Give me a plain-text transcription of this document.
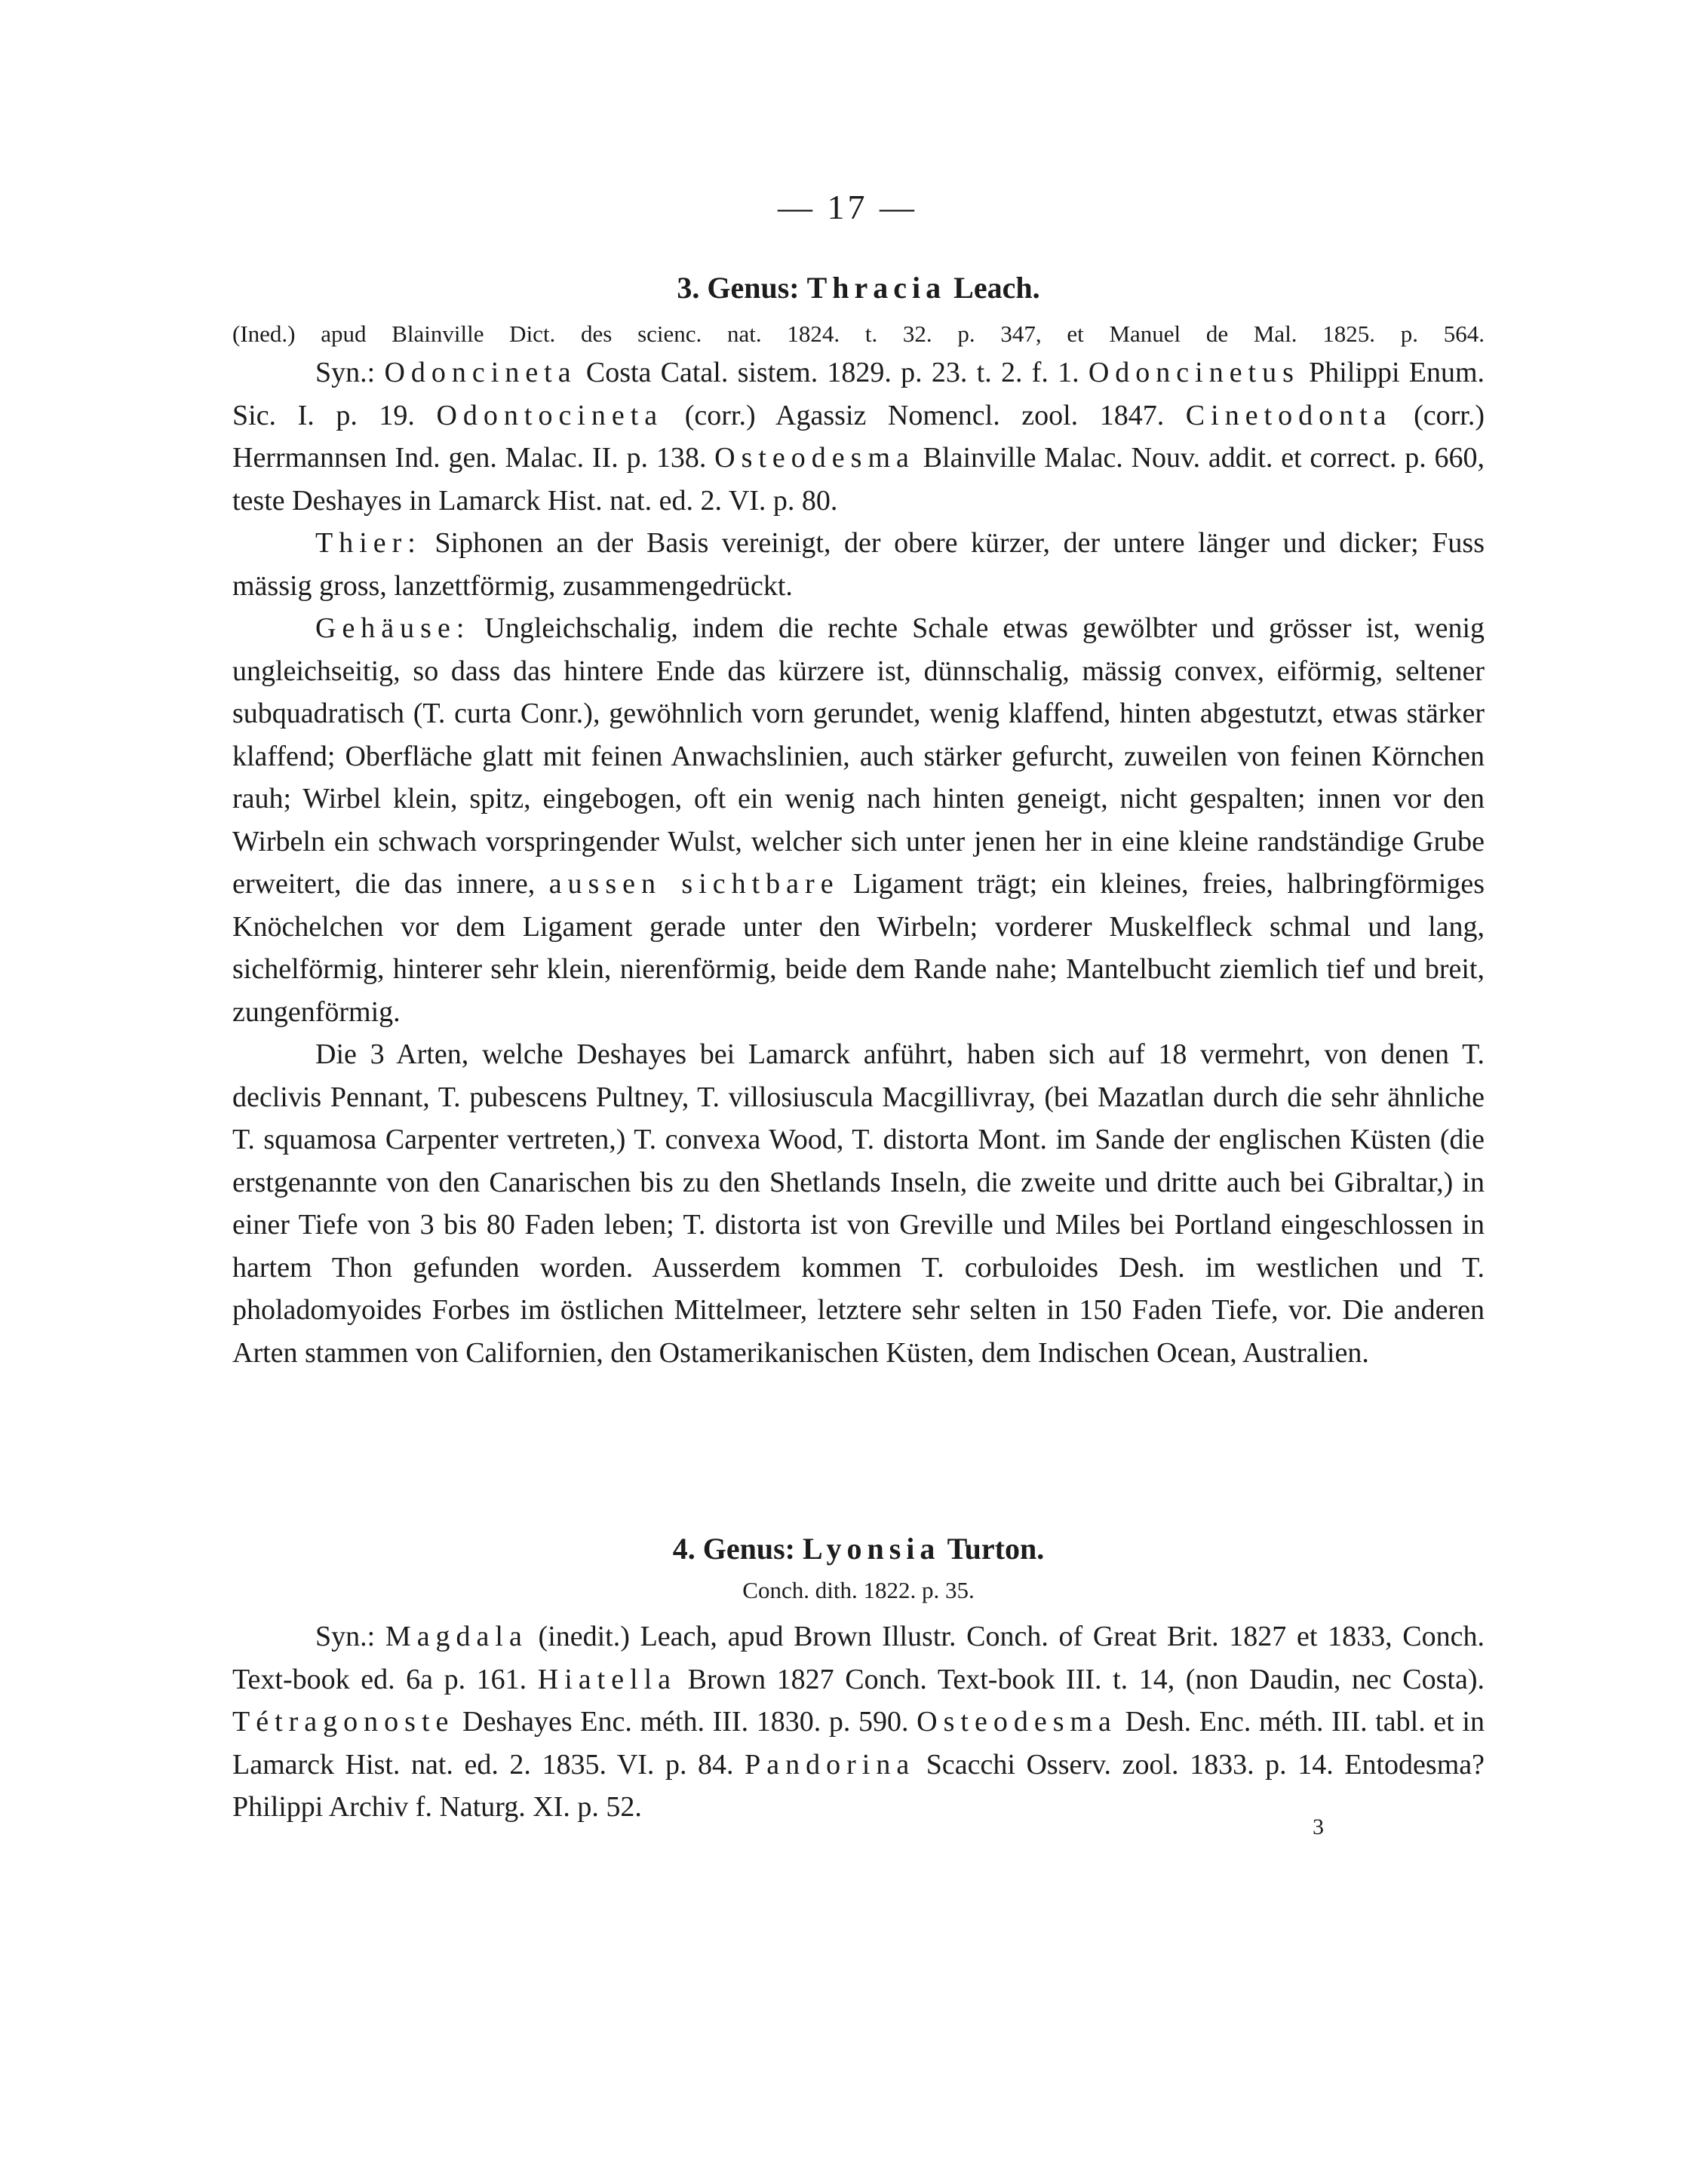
— 17 —
3. Genus: Thracia Leach.
(Ined.) apud Blainville Dict. des scienc. nat. 1824. t. 32. p. 347, et Manuel de Mal. 1825. p. 564.

Syn.: Odoncineta Costa Catal. sistem. 1829. p. 23. t. 2. f. 1. Odoncinetus Philippi Enum. Sic. I. p. 19. Odontocineta (corr.) Agassiz Nomencl. zool. 1847. Cinetodonta (corr.) Herrmannsen Ind. gen. Malac. II. p. 138. Osteodesma Blainville Malac. Nouv. addit. et correct. p. 660, teste Deshayes in Lamarck Hist. nat. ed. 2. VI. p. 80.

Thier: Siphonen an der Basis vereinigt, der obere kürzer, der untere länger und dicker; Fuss mässig gross, lanzettförmig, zusammengedrückt.

Gehäuse: Ungleichschalig, indem die rechte Schale etwas gewölbter und grösser ist, wenig ungleichseitig, so dass das hintere Ende das kürzere ist, dünnschalig, mässig convex, eiförmig, seltener subquadratisch (T. curta Conr.), gewöhnlich vorn gerundet, wenig klaffend, hinten abgestutzt, etwas stärker klaffend; Oberfläche glatt mit feinen Anwachslinien, auch stärker gefurcht, zuweilen von feinen Körnchen rauh; Wirbel klein, spitz, eingebogen, oft ein wenig nach hinten geneigt, nicht gespalten; innen vor den Wirbeln ein schwach vorspringender Wulst, welcher sich unter jenen her in eine kleine randständige Grube erweitert, die das innere, aussen sichtbare Ligament trägt; ein kleines, freies, halbringförmiges Knöchelchen vor dem Ligament gerade unter den Wirbeln; vorderer Muskelfleck schmal und lang, sichelförmig, hinterer sehr klein, nierenförmig, beide dem Rande nahe; Mantelbucht ziemlich tief und breit, zungenförmig.

Die 3 Arten, welche Deshayes bei Lamarck anführt, haben sich auf 18 vermehrt, von denen T. declivis Pennant, T. pubescens Pultney, T. villosiuscula Macgillivray, (bei Mazatlan durch die sehr ähnliche T. squamosa Carpenter vertreten,) T. convexa Wood, T. distorta Mont. im Sande der englischen Küsten (die erstgenannte von den Canarischen bis zu den Shetlands Inseln, die zweite und dritte auch bei Gibraltar,) in einer Tiefe von 3 bis 80 Faden leben; T. distorta ist von Greville und Miles bei Portland eingeschlossen in hartem Thon gefunden worden. Ausserdem kommen T. corbuloides Desh. im westlichen und T. pholadomyoides Forbes im östlichen Mittelmeer, letztere sehr selten in 150 Faden Tiefe, vor. Die anderen Arten stammen von Californien, den Ostamerikanischen Küsten, dem Indischen Ocean, Australien.

4. Genus: Lyonsia Turton.
Conch. dith. 1822. p. 35.

Syn.: Magdala (inedit.) Leach, apud Brown Illustr. Conch. of Great Brit. 1827 et 1833, Conch. Text-book ed. 6a p. 161. Hiatella Brown 1827 Conch. Text-book III. t. 14, (non Daudin, nec Costa). Tétragonoste Deshayes Enc. méth. III. 1830. p. 590. Osteodesma Desh. Enc. méth. III. tabl. et in Lamarck Hist. nat. ed. 2. 1835. VI. p. 84. Pandorina Scacchi Osserv. zool. 1833. p. 14. Entodesma? Philippi Archiv f. Naturg. XI. p. 52.

3
